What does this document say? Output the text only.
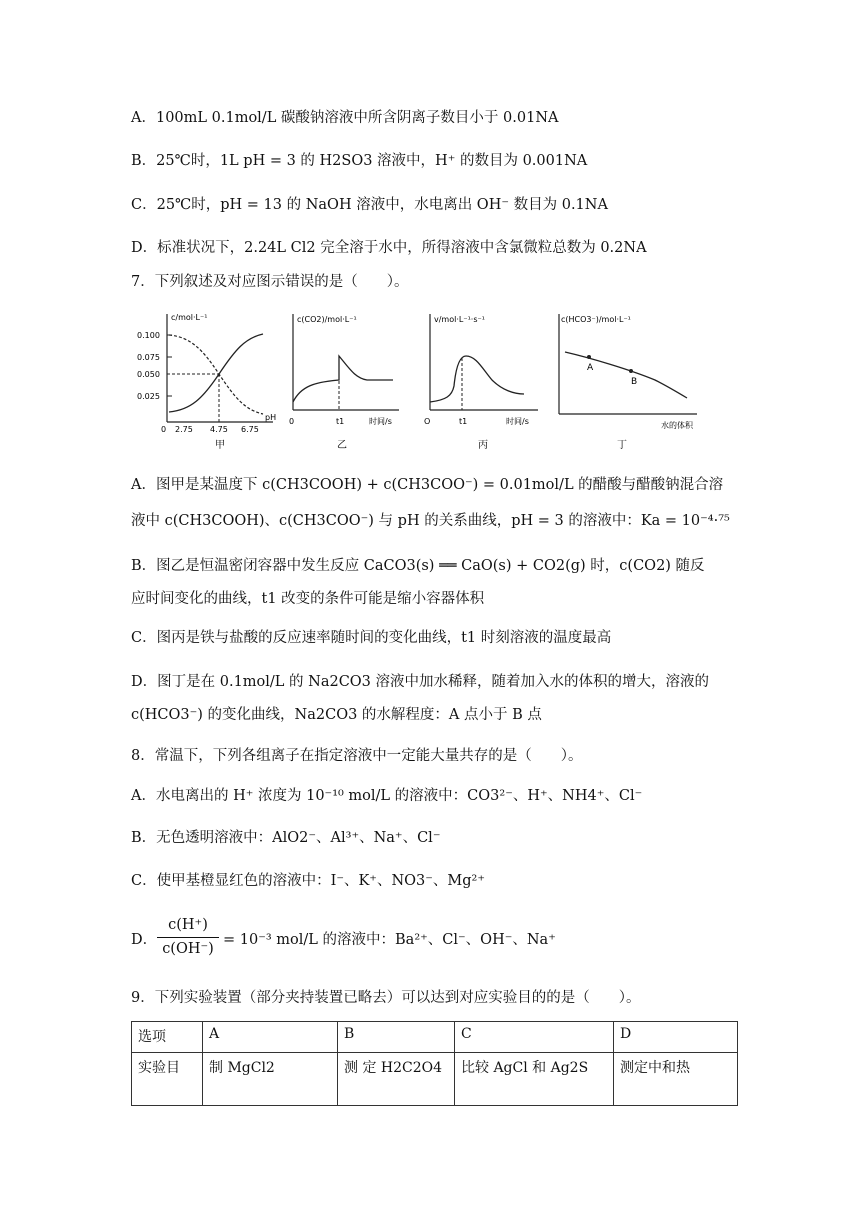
A．100mL 0.1mol/L 碳酸钠溶液中所含阴离子数目小于 0.01NA
B．25℃时，1L pH = 3 的 H2SO3 溶液中，H⁺ 的数目为 0.001NA
C．25℃时，pH = 13 的 NaOH 溶液中，水电离出 OH⁻ 数目为 0.1NA
D．标准状况下，2.24L Cl2 完全溶于水中，所得溶液中含氯微粒总数为 0.2NA
7．下列叙述及对应图示错误的是（　　）。
c/mol·L⁻¹
0.100
0.075
0.050
0.025
0 2.75 4.75 6.75
pH
甲
c(CO2)/mol·L⁻¹
0	t1	时间/s
乙
v/mol·L⁻¹·s⁻¹
O	t1	时间/s
丙
c(HCO3⁻)/mol·L⁻¹
A
B
水的体积
丁
A．图甲是某温度下 c(CH3COOH) + c(CH3COO⁻) = 0.01mol/L 的醋酸与醋酸钠混合溶
液中 c(CH3COOH)、c(CH3COO⁻) 与 pH 的关系曲线，pH = 3 的溶液中：Ka = 10⁻⁴·⁷⁵
B．图乙是恒温密闭容器中发生反应 CaCO3(s) ══ CaO(s) + CO2(g) 时，c(CO2) 随反
应时间变化的曲线，t1 改变的条件可能是缩小容器体积
C．图丙是铁与盐酸的反应速率随时间的变化曲线，t1 时刻溶液的温度最高
D．图丁是在 0.1mol/L 的 Na2CO3 溶液中加水稀释，随着加入水的体积的增大，溶液的
c(HCO3⁻) 的变化曲线，Na2CO3 的水解程度：A 点小于 B 点
8．常温下，下列各组离子在指定溶液中一定能大量共存的是（　　）。
A．水电离出的 H⁺ 浓度为 10⁻¹⁰ mol/L 的溶液中：CO3²⁻、H⁺、NH4⁺、Cl⁻
B．无色透明溶液中：AlO2⁻、Al³⁺、Na⁺、Cl⁻
C．使甲基橙显红色的溶液中：I⁻、K⁺、NO3⁻、Mg²⁺
D．
c(H⁺)
c(OH⁻)
= 10⁻³ mol/L 的溶液中：Ba²⁺、Cl⁻、OH⁻、Na⁺
9．下列实验装置（部分夹持装置已略去）可以达到对应实验目的的是（　　）。
选项	A	B	C	D
实验目	制 MgCl2	测 定 H2C2O4	比较 AgCl 和 Ag2S	测定中和热
